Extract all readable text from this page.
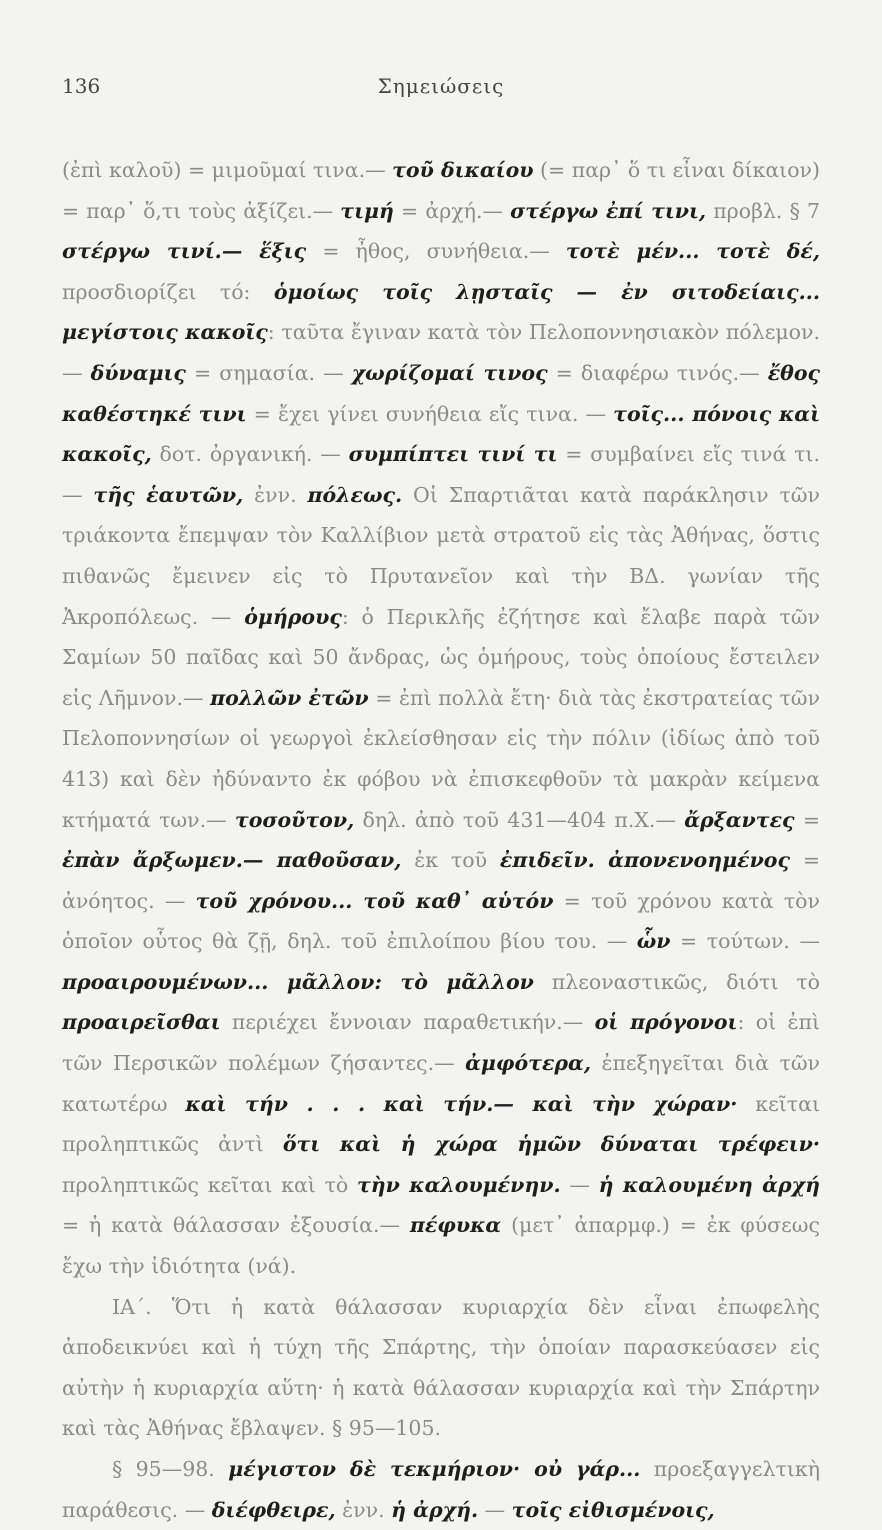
136	Σημειώσεις

(ἐπὶ καλοῦ) = μιμοῦμαί τινα.— τοῦ δικαίου (= παρ᾽ ὅ τι εἶναι δίκαιον) = παρ᾽ ὅ,τι τοὺς ἀξίζει.— τιμή = ἀρχή.— στέργω ἐπί τινι, προβλ. § 7 στέργω τινί.— ἕξις = ἦθος, συνήθεια.— τοτὲ μέν... τοτὲ δέ, προσδιορίζει τό: ὁμοίως τοῖς λῃσταῖς — ἐν σιτοδείαις... μεγίστοις κακοῖς: ταῦτα ἔγιναν κατὰ τὸν Πελοποννησιακὸν πόλεμον. — δύναμις = σημασία. — χωρίζομαί τινος = διαφέρω τινός.— ἔθος καθέστηκέ τινι = ἔχει γίνει συνήθεια εἴς τινα. — τοῖς... πόνοις καὶ κακοῖς, δοτ. ὀργανική. — συμπίπτει τινί τι = συμβαίνει εἴς τινά τι. — τῆς ἑαυτῶν, ἐνν. πόλεως. Οἱ Σπαρτιᾶται κατὰ παράκλησιν τῶν τριάκοντα ἔπεμψαν τὸν Καλλίβιον μετὰ στρατοῦ εἰς τὰς Ἀθήνας, ὅστις πιθανῶς ἔμεινεν εἰς τὸ Πρυτανεῖον καὶ τὴν ΒΔ. γωνίαν τῆς Ἀκροπόλεως. — ὁμήρους: ὁ Περικλῆς ἐζήτησε καὶ ἔλαβε παρὰ τῶν Σαμίων 50 παῖδας καὶ 50 ἄνδρας, ὡς ὁμήρους, τοὺς ὁποίους ἔστειλεν εἰς Λῆμνον.— πολλῶν ἐτῶν = ἐπὶ πολλὰ ἔτη· διὰ τὰς ἐκστρατείας τῶν Πελοποννησίων οἱ γεωργοὶ ἐκλείσθησαν εἰς τὴν πόλιν (ἰδίως ἀπὸ τοῦ 413) καὶ δὲν ἠδύναντο ἐκ φόβου νὰ ἐπισκεφθοῦν τὰ μακρὰν κείμενα κτήματά των.— τοσοῦτον, δηλ. ἀπὸ τοῦ 431—404 π.Χ.— ἄρξαντες = ἐπὰν ἄρξωμεν.— παθοῦσαν, ἐκ τοῦ ἐπιδεῖν. ἀπονενοημένος = ἀνόητος. — τοῦ χρόνου... τοῦ καθ᾽ αὑτόν = τοῦ χρόνου κατὰ τὸν ὁποῖον οὗτος θὰ ζῇ, δηλ. τοῦ ἐπιλοίπου βίου του. — ὧν = τούτων. — προαιρουμένων... μᾶλλον: τὸ μᾶλλον πλεοναστικῶς, διότι τὸ προαιρεῖσθαι περιέχει ἔννοιαν παραθετικήν.— οἱ πρόγονοι: οἱ ἐπὶ τῶν Περσικῶν πολέμων ζήσαντες.— ἀμφότερα, ἐπεξηγεῖται διὰ τῶν κατωτέρω καὶ τήν . . . καὶ τήν.— καὶ τὴν χώραν· κεῖται προληπτικῶς ἀντὶ ὅτι καὶ ἡ χώρα ἡμῶν δύναται τρέφειν· προληπτικῶς κεῖται καὶ τὸ τὴν καλουμένην. — ἡ καλουμένη ἀρχή = ἡ κατὰ θάλασσαν ἐξουσία.— πέφυκα (μετ᾽ ἀπαρμφ.) = ἐκ φύσεως ἔχω τὴν ἰδιότητα (νά).

ΙΑ΄. Ὅτι ἡ κατὰ θάλασσαν κυριαρχία δὲν εἶναι ἐπωφελὴς ἀποδεικνύει καὶ ἡ τύχη τῆς Σπάρτης, τὴν ὁποίαν παρασκεύασεν εἰς αὐτὴν ἡ κυριαρχία αὕτη· ἡ κατὰ θάλασσαν κυριαρχία καὶ τὴν Σπάρτην καὶ τὰς Ἀθήνας ἔβλαψεν. § 95—105.

§ 95—98. μέγιστον δὲ τεκμήριον· οὐ γάρ... προεξαγγελτικὴ παράθεσις. — διέφθειρε, ἐνν. ἡ ἀρχή. — τοῖς εἰθισμένοις,
